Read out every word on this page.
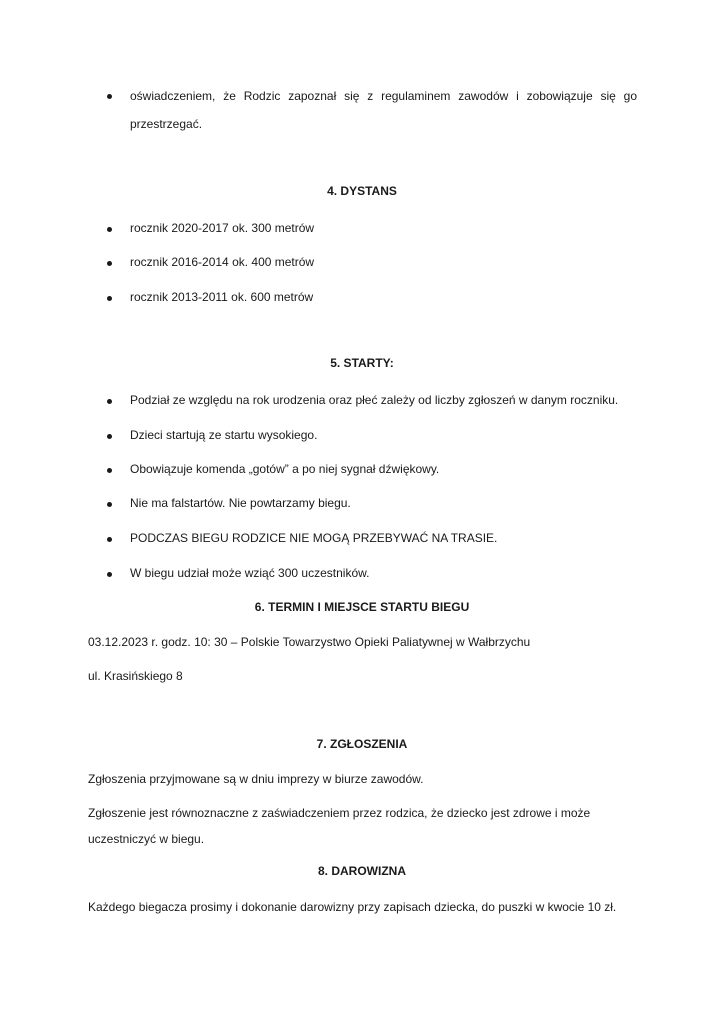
oświadczeniem, że Rodzic zapoznał się z regulaminem zawodów i zobowiązuje się go
przestrzegać.
4. DYSTANS
rocznik 2020-2017 ok. 300 metrów
rocznik 2016-2014 ok. 400 metrów
rocznik 2013-2011 ok. 600 metrów
5. STARTY:
Podział ze względu na rok urodzenia oraz płeć zależy od liczby zgłoszeń w danym roczniku.
Dzieci startują ze startu wysokiego.
Obowiązuje komenda „gotów” a po niej sygnał dźwiękowy.
Nie ma falstartów. Nie powtarzamy biegu.
PODCZAS BIEGU RODZICE NIE MOGĄ PRZEBYWAĆ NA TRASIE.
W biegu udział może wziąć 300 uczestników.
6. TERMIN I MIEJSCE STARTU BIEGU
03.12.2023 r. godz. 10: 30 – Polskie Towarzystwo Opieki Paliatywnej w Wałbrzychu
ul. Krasińskiego 8
7. ZGŁOSZENIA
Zgłoszenia przyjmowane są w dniu imprezy w biurze zawodów.
Zgłoszenie jest równoznaczne z zaświadczeniem przez rodzica, że dziecko jest zdrowe i może
uczestniczyć w biegu.
8. DAROWIZNA
Każdego biegacza prosimy i dokonanie darowizny przy zapisach dziecka, do puszki w kwocie 10 zł.
